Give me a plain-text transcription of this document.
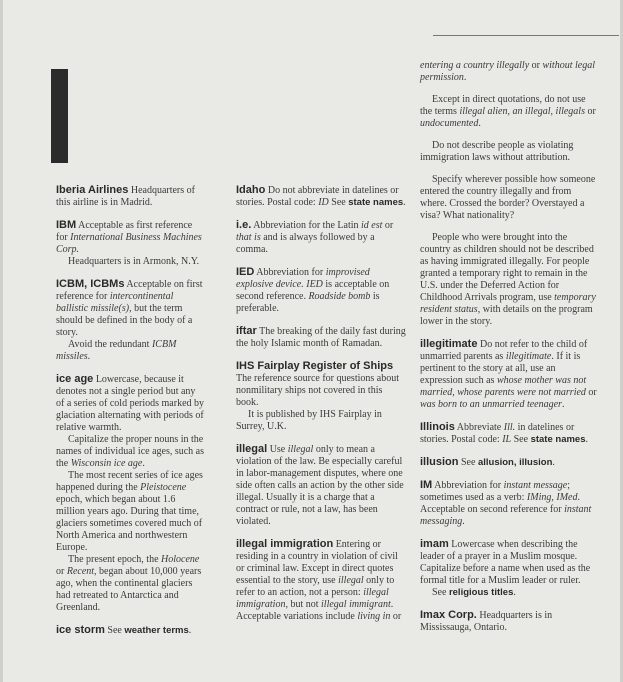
Iberia Airlines Headquarters of this airline is in Madrid.

IBM Acceptable as first reference for International Business Machines Corp.

Headquarters is in Armonk, N.Y.

ICBM, ICBMs Acceptable on first reference for intercontinental ballistic missile(s), but the term should be defined in the body of a story.

Avoid the redundant ICBM missiles.

ice age Lowercase, because it denotes not a single period but any of a series of cold periods marked by glaciation alternating with periods of relative warmth.

Capitalize the proper nouns in the names of individual ice ages, such as the Wisconsin ice age.

The most recent series of ice ages happened during the Pleistocene epoch, which began about 1.6 million years ago. During that time, glaciers sometimes covered much of North America and northwestern Europe.

The present epoch, the Holocene or Recent, began about 10,000 years ago, when the continental glaciers had retreated to Antarctica and Greenland.

ice storm See weather terms.

Idaho Do not abbreviate in datelines or stories. Postal code: ID See state names.

i.e. Abbreviation for the Latin id est or that is and is always followed by a comma.

IED Abbreviation for improvised explosive device. IED is acceptable on second reference. Roadside bomb is preferable.

iftar The breaking of the daily fast during the holy Islamic month of Ramadan.

IHS Fairplay Register of Ships

The reference source for questions about nonmilitary ships not covered in this book.

It is published by IHS Fairplay in Surrey, U.K.

illegal Use illegal only to mean a violation of the law. Be especially careful in labor-management disputes, where one side often calls an action by the other side illegal. Usually it is a charge that a contract or rule, not a law, has been violated.

illegal immigration Entering or residing in a country in violation of civil or criminal law. Except in direct quotes essential to the story, use illegal only to refer to an action, not a person: illegal immigration, but not illegal immigrant. Acceptable variations include living in or

entering a country illegally or without legal permission.

Except in direct quotations, do not use the terms illegal alien, an illegal, illegals or undocumented.

Do not describe people as violating immigration laws without attribution.

Specify wherever possible how someone entered the country illegally and from where. Crossed the border? Overstayed a visa? What nationality?

People who were brought into the country as children should not be described as having immigrated illegally. For people granted a temporary right to remain in the U.S. under the Deferred Action for Childhood Arrivals program, use temporary resident status, with details on the program lower in the story.

illegitimate Do not refer to the child of unmarried parents as illegitimate. If it is pertinent to the story at all, use an expression such as whose mother was not married, whose parents were not married or was born to an unmarried teenager.

Illinois Abbreviate Ill. in datelines or stories. Postal code: IL See state names.

illusion See allusion, illusion.

IM Abbreviation for instant message; sometimes used as a verb: IMing, IMed. Acceptable on second reference for instant messaging.

imam Lowercase when describing the leader of a prayer in a Muslim mosque. Capitalize before a name when used as the formal title for a Muslim leader or ruler.

See religious titles.

Imax Corp. Headquarters is in Mississauga, Ontario.
